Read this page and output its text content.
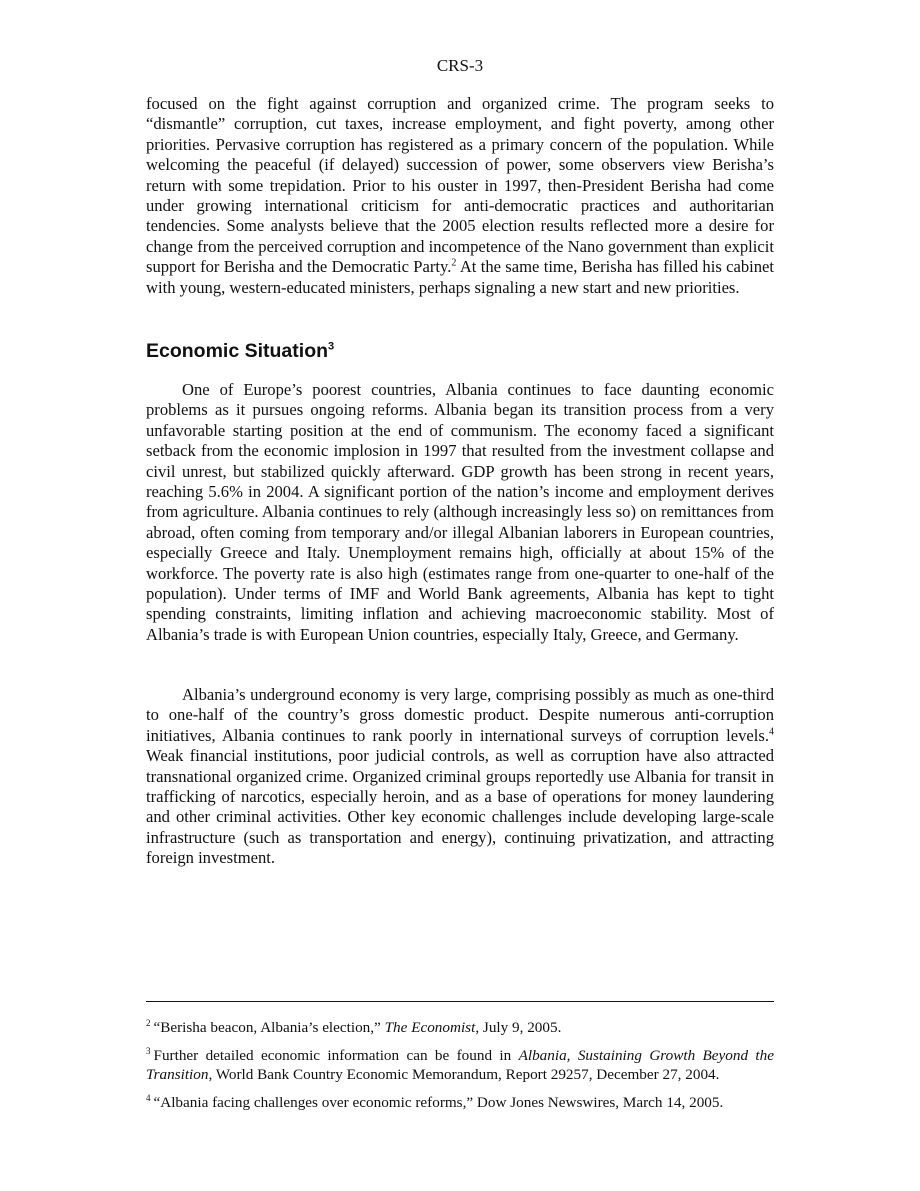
CRS-3

focused on the fight against corruption and organized crime. The program seeks to “dismantle” corruption, cut taxes, increase employment, and fight poverty, among other priorities. Pervasive corruption has registered as a primary concern of the population. While welcoming the peaceful (if delayed) succession of power, some observers view Berisha’s return with some trepidation. Prior to his ouster in 1997, then-President Berisha had come under growing international criticism for anti-democratic practices and authoritarian tendencies. Some analysts believe that the 2005 election results reflected more a desire for change from the perceived corruption and incompetence of the Nano government than explicit support for Berisha and the Democratic Party.$^2$ At the same time, Berisha has filled his cabinet with young, western-educated ministers, perhaps signaling a new start and new priorities.

Economic Situation$^3$

One of Europe’s poorest countries, Albania continues to face daunting economic problems as it pursues ongoing reforms. Albania began its transition process from a very unfavorable starting position at the end of communism. The economy faced a significant setback from the economic implosion in 1997 that resulted from the investment collapse and civil unrest, but stabilized quickly afterward. GDP growth has been strong in recent years, reaching 5.6% in 2004. A significant portion of the nation’s income and employment derives from agriculture. Albania continues to rely (although increasingly less so) on remittances from abroad, often coming from temporary and/or illegal Albanian laborers in European countries, especially Greece and Italy. Unemployment remains high, officially at about 15% of the workforce. The poverty rate is also high (estimates range from one-quarter to one-half of the population). Under terms of IMF and World Bank agreements, Albania has kept to tight spending constraints, limiting inflation and achieving macroeconomic stability. Most of Albania’s trade is with European Union countries, especially Italy, Greece, and Germany.

Albania’s underground economy is very large, comprising possibly as much as one-third to one-half of the country’s gross domestic product. Despite numerous anti-corruption initiatives, Albania continues to rank poorly in international surveys of corruption levels.$^4$ Weak financial institutions, poor judicial controls, as well as corruption have also attracted transnational organized crime. Organized criminal groups reportedly use Albania for transit in trafficking of narcotics, especially heroin, and as a base of operations for money laundering and other criminal activities. Other key economic challenges include developing large-scale infrastructure (such as transportation and energy), continuing privatization, and attracting foreign investment.

$^2$ “Berisha beacon, Albania’s election,” The Economist, July 9, 2005.

$^3$ Further detailed economic information can be found in Albania, Sustaining Growth Beyond the Transition, World Bank Country Economic Memorandum, Report 29257, December 27, 2004.

$^4$ “Albania facing challenges over economic reforms,” Dow Jones Newswires, March 14, 2005.
